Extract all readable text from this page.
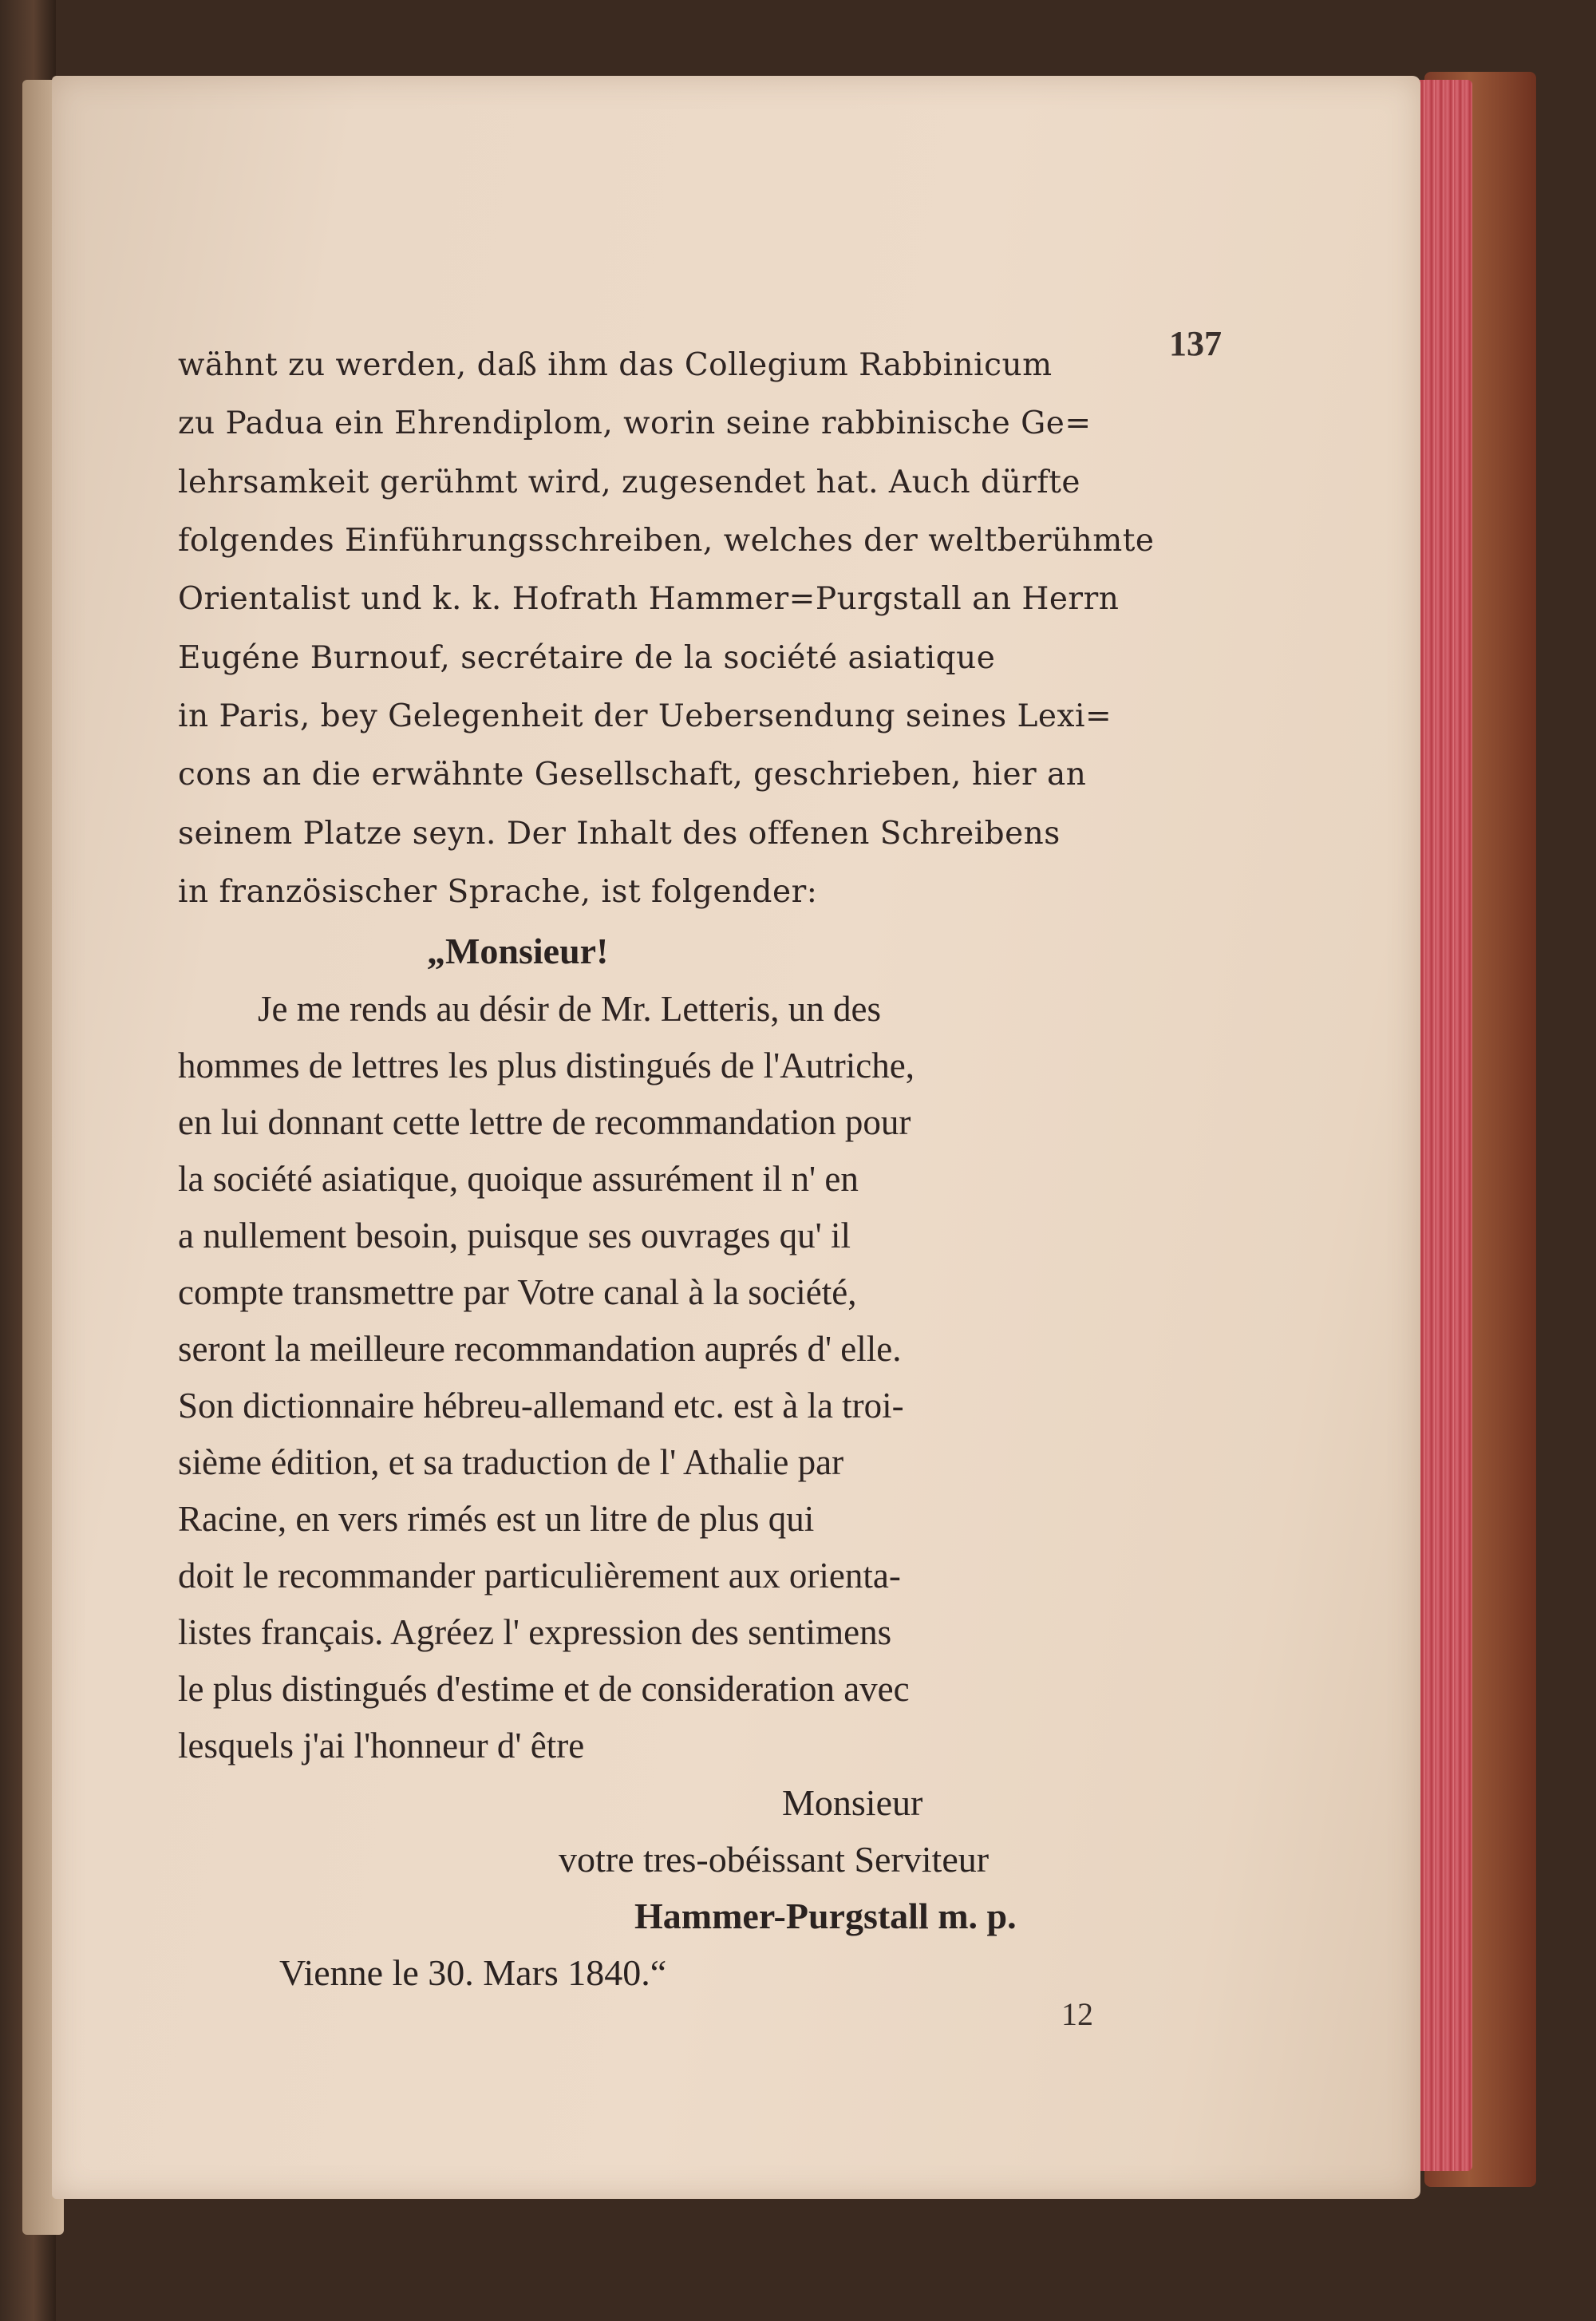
137
wähnt zu werden, daß ihm das Collegium Rabbinicum
zu Padua ein Ehrendiplom, worin seine rabbinische Ge=
lehrsamkeit gerühmt wird, zugesendet hat. Auch dürfte
folgendes Einführungsschreiben, welches der weltberühmte
Orientalist und k. k. Hofrath Hammer=Purgstall an Herrn
Eugéne Burnouf, secrétaire de la société asiatique
in Paris, bey Gelegenheit der Uebersendung seines Lexi=
cons an die erwähnte Gesellschaft, geschrieben, hier an
seinem Platze seyn. Der Inhalt des offenen Schreibens
in französischer Sprache, ist folgender:
„Monsieur!
Je me rends au désir de Mr. Letteris, un des
hommes de lettres les plus distingués de l'Autriche,
en lui donnant cette lettre de recommandation pour
la société asiatique, quoique assurément il n' en
a nullement besoin, puisque ses ouvrages qu' il
compte transmettre par Votre canal à la société,
seront la meilleure recommandation auprés d' elle.
Son dictionnaire hébreu-allemand etc. est à la troi-
sième édition, et sa traduction de l' Athalie par
Racine, en vers rimés est un litre de plus qui
doit le recommander particulièrement aux orienta-
listes français. Agréez l' expression des sentimens
le plus distingués d'estime et de consideration avec
lesquels j'ai l'honneur d' être
Monsieur
votre tres-obéissant Serviteur
Hammer-Purgstall m. p.
Vienne le 30. Mars 1840.“
12
